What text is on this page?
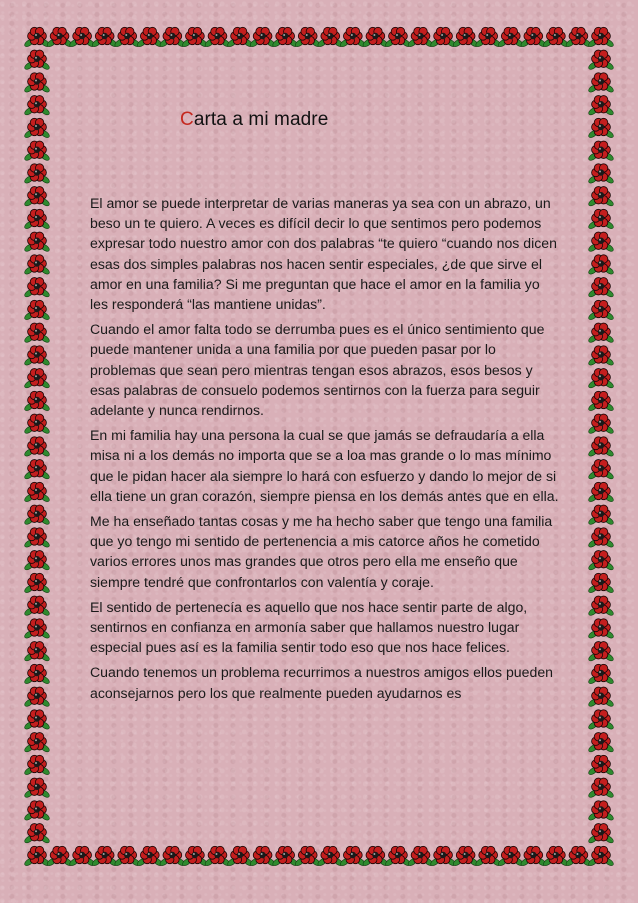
Carta a mi madre

El amor se puede interpretar de varias maneras ya sea con un abrazo, un beso un te quiero. A veces es difícil decir lo que sentimos pero podemos expresar todo nuestro amor con dos palabras “te quiero “cuando nos dicen esas dos simples palabras nos hacen sentir especiales, ¿de que sirve el amor en una familia? Si me preguntan que hace el amor en la familia yo les responderá “las mantiene unidas”.

Cuando el amor falta todo se derrumba pues es el único sentimiento que puede mantener unida a una familia por que pueden pasar por lo problemas que sean pero mientras tengan esos abrazos, esos besos y esas palabras de consuelo podemos sentirnos con la fuerza para seguir adelante y nunca rendirnos.

En mi familia hay una persona la cual se que jamás se defraudaría a ella misa ni a los demás no importa que se a loa mas grande o lo mas mínimo que le pidan hacer ala siempre lo hará con esfuerzo y dando lo mejor de si ella tiene un gran corazón, siempre piensa en los demás antes que en ella.

Me ha enseñado tantas cosas y me ha hecho saber que tengo una familia que yo tengo mi sentido de pertenencia a mis catorce años he cometido varios errores unos mas grandes que otros pero ella me enseño que siempre tendré que confrontarlos con valentía y coraje.

El sentido de pertenecía es aquello que nos hace sentir parte de algo, sentirnos en confianza en armonía saber que hallamos nuestro lugar especial pues así es la familia sentir todo eso que nos hace felices.

Cuando tenemos un problema recurrimos a nuestros amigos ellos pueden aconsejarnos pero los que realmente pueden ayudarnos es
